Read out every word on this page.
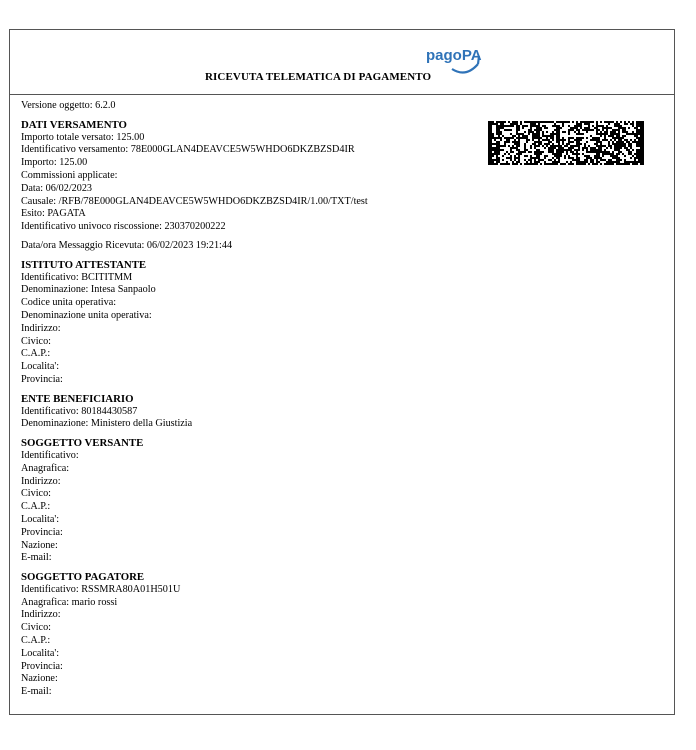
RICEVUTA TELEMATICA DI PAGAMENTO
pagoPA
Versione oggetto: 6.2.0
DATI VERSAMENTO
Importo totale versato: 125.00
Identificativo versamento: 78E000GLAN4DEAVCE5W5WHDO6DKZBZSD4IR
Importo: 125.00
Commissioni applicate:
Data: 06/02/2023
Causale: /RFB/78E000GLAN4DEAVCE5W5WHDO6DKZBZSD4IR/1.00/TXT/test
Esito: PAGATA
Identificativo univoco riscossione: 230370200222
Data/ora Messaggio Ricevuta: 06/02/2023 19:21:44
ISTITUTO ATTESTANTE
Identificativo: BCITITMM
Denominazione: Intesa Sanpaolo
Codice unita operativa:
Denominazione unita operativa:
Indirizzo:
Civico:
C.A.P.:
Localita':
Provincia:
ENTE BENEFICIARIO
Identificativo: 80184430587
Denominazione: Ministero della Giustizia
SOGGETTO VERSANTE
Identificativo:
Anagrafica:
Indirizzo:
Civico:
C.A.P.:
Localita':
Provincia:
Nazione:
E-mail:
SOGGETTO PAGATORE
Identificativo: RSSMRA80A01H501U
Anagrafica: mario rossi
Indirizzo:
Civico:
C.A.P.:
Localita':
Provincia:
Nazione:
E-mail:
